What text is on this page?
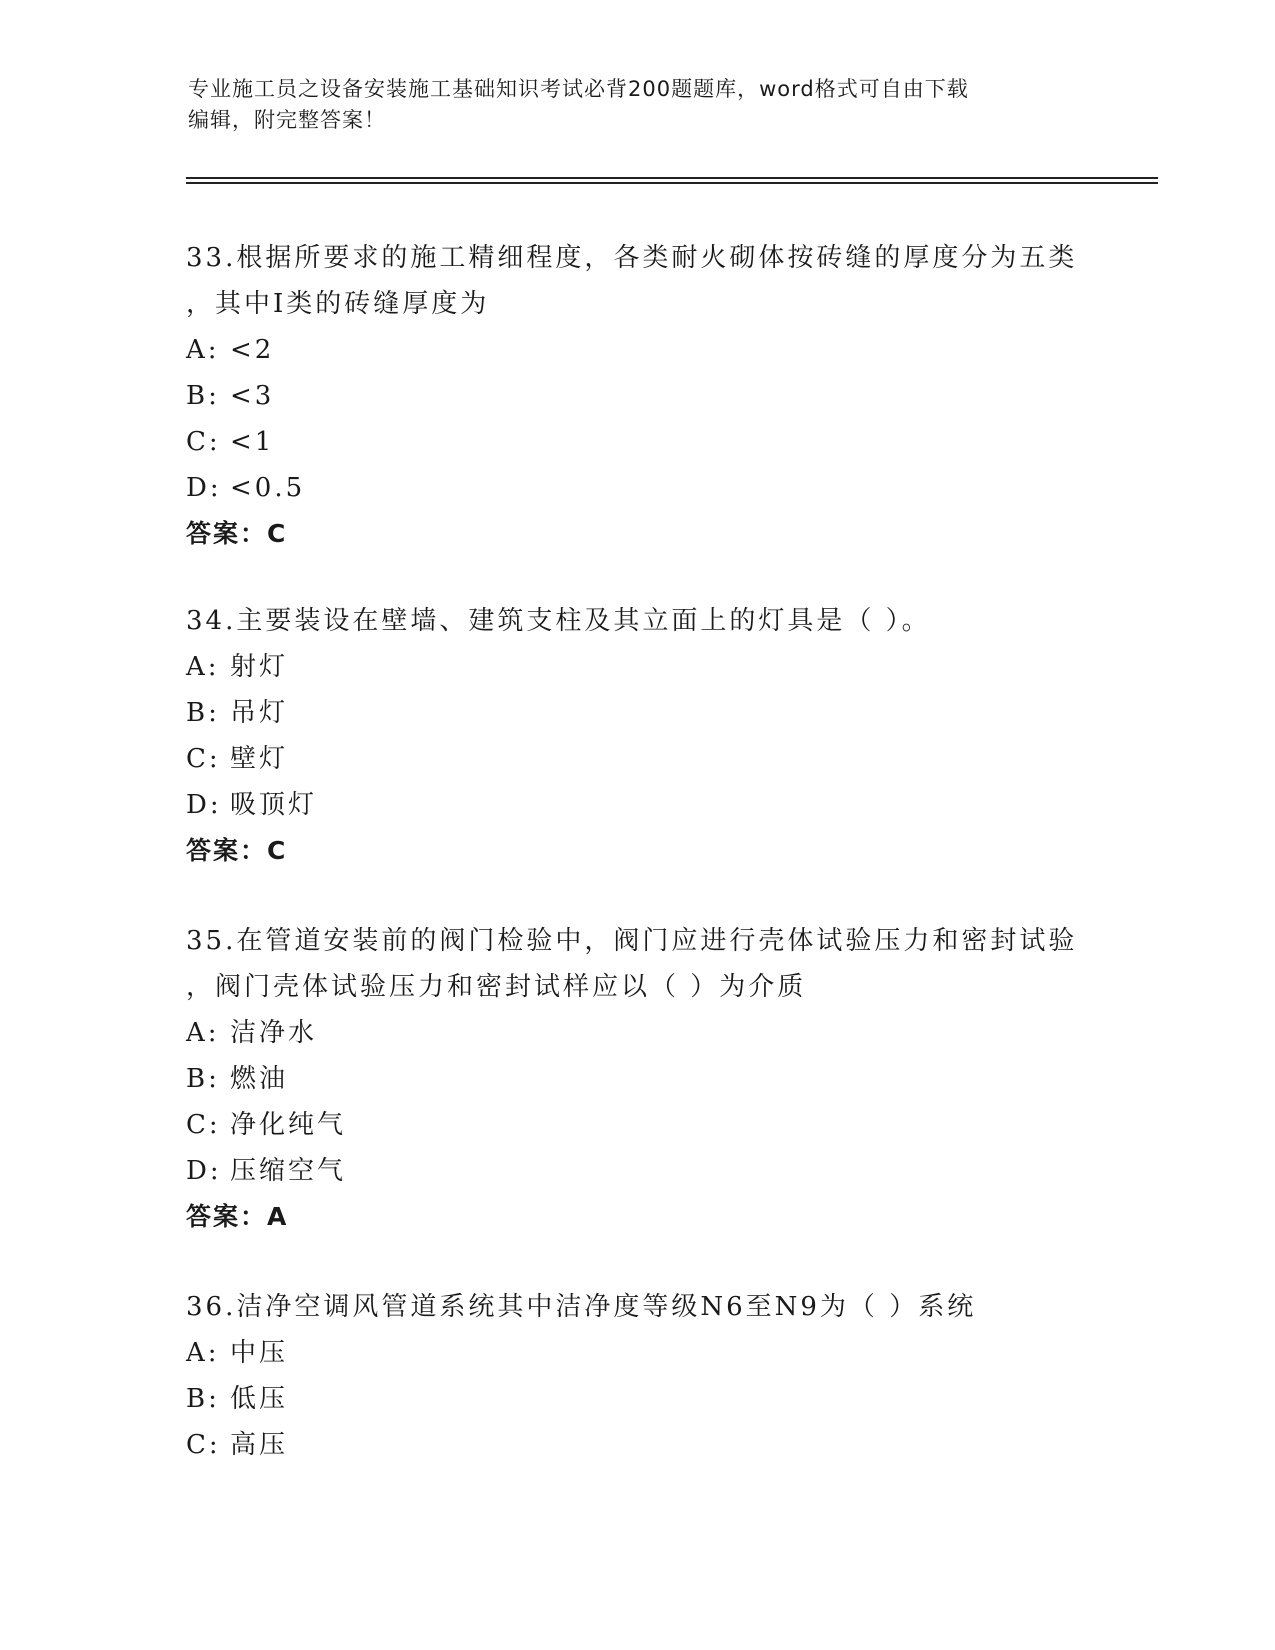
专业施工员之设备安装施工基础知识考试必背200题题库，word格式可自由下载
编辑，附完整答案！
33.根据所要求的施工精细程度，各类耐火砌体按砖缝的厚度分为五类
，其中Ⅰ类的砖缝厚度为
A: <2
B: <3
C: <1
D: <0.5
答案：C
34.主要装设在壁墙、建筑支柱及其立面上的灯具是（ ）。
A: 射灯
B: 吊灯
C: 壁灯
D: 吸顶灯
答案：C
35.在管道安装前的阀门检验中，阀门应进行壳体试验压力和密封试验
，阀门壳体试验压力和密封试样应以（ ）为介质
A: 洁净水
B: 燃油
C: 净化纯气
D: 压缩空气
答案：A
36.洁净空调风管道系统其中洁净度等级N6至N9为（ ）系统
A: 中压
B: 低压
C: 高压
